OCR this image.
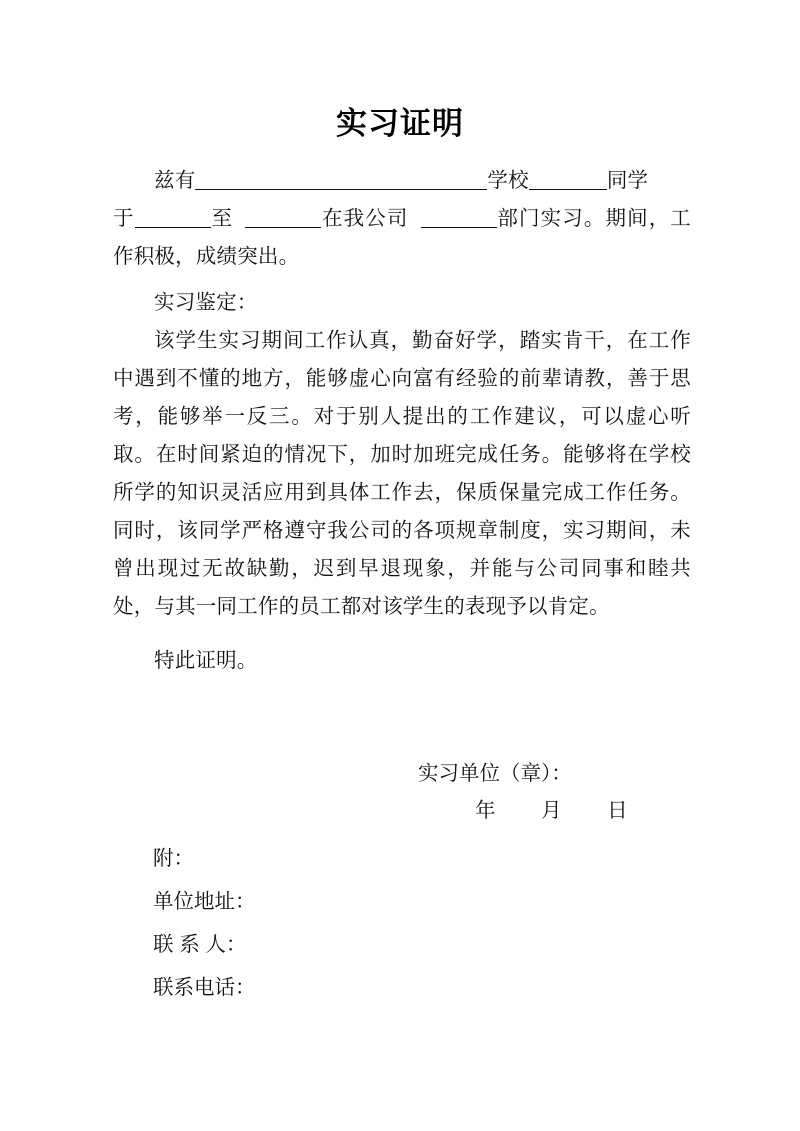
实习证明

兹有	学校	同学

于	至	在我公司	部门实习。期间，工作积极，成绩突出。

实习鉴定：

该学生实习期间工作认真，勤奋好学，踏实肯干，在工作中遇到不懂的地方，能够虚心向富有经验的前辈请教，善于思考，能够举一反三。对于别人提出的工作建议，可以虚心听取。在时间紧迫的情况下，加时加班完成任务。能够将在学校所学的知识灵活应用到具体工作去，保质保量完成工作任务。同时，该同学严格遵守我公司的各项规章制度，实习期间，未曾出现过无故缺勤，迟到早退现象，并能与公司同事和睦共处，与其一同工作的员工都对该学生的表现予以肯定。

特此证明。

实习单位（章）：
年        月        日
附：
单位地址：
联 系 人：
联系电话：
